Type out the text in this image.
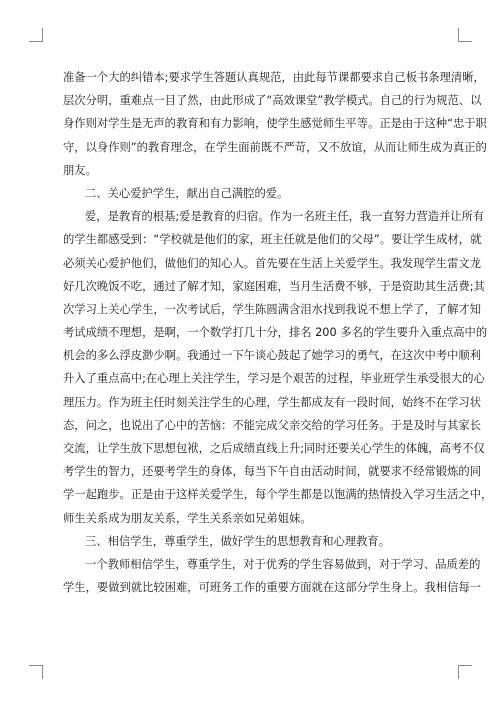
准备一个大的纠错本;要求学生答题认真规范，由此每节课都要求自己板书条理清晰，
层次分明，重难点一目了然，由此形成了“高效课堂”教学模式。自己的行为规范、以
身作则对学生是无声的教育和有力影响，使学生感觉师生平等。正是由于这种“忠于职
守，以身作则”的教育理念，在学生面前既不严苛，又不放谊，从而让师生成为真正的
朋友。
二、关心爱护学生，献出自己满腔的爱。
爱，是教育的根基;爱是教育的归宿。作为一名班主任，我一直努力营造并让所有
的学生都感受到：“学校就是他们的家，班主任就是他们的父母”。要让学生成材，就
必须关心爱护他们，做他们的知心人。首先要在生活上关爱学生。我发现学生雷文龙
好几次晚饭不吃，通过了解才知，家庭困难，当月生活费不够，于是资助其生活费;其
次学习上关心学生，一次考试后，学生陈圆满含泪水找到我说不想上学了，了解才知
考试成绩不理想，是啊，一个数学打几十分，排名 200 多名的学生要升入重点高中的
机会的多么浮皮渺少啊。我通过一下午谈心鼓起了她学习的勇气，在这次中考中顺利
升入了重点高中;在心理上关注学生，学习是个艰苦的过程，毕业班学生承受很大的心
理压力。作为班主任时刻关注学生的心理，学生都成友有一段时间，始终不在学习状
态，问之，也说出了心中的苦恼：不能完成父亲交给的学习任务。于是及时与其家长
交流，让学生放下思想包袱，之后成绩直线上升;同时还要关心学生的体魄，高考不仅
考学生的智力，还要考学生的身体，每当下午自由活动时间，就要求不经常锻炼的同
学一起跑步。正是由于这样关爱学生，每个学生都是以饱满的热情投入学习生活之中，
师生关系成为朋友关系，学生关系亲如兄弟姐妹。
三、相信学生，尊重学生，做好学生的思想教育和心理教育。
一个教师相信学生，尊重学生，对于优秀的学生容易做到，对于学习、品质差的
学生，要做到就比较困难，可班务工作的重要方面就在这部分学生身上。我相信每一
